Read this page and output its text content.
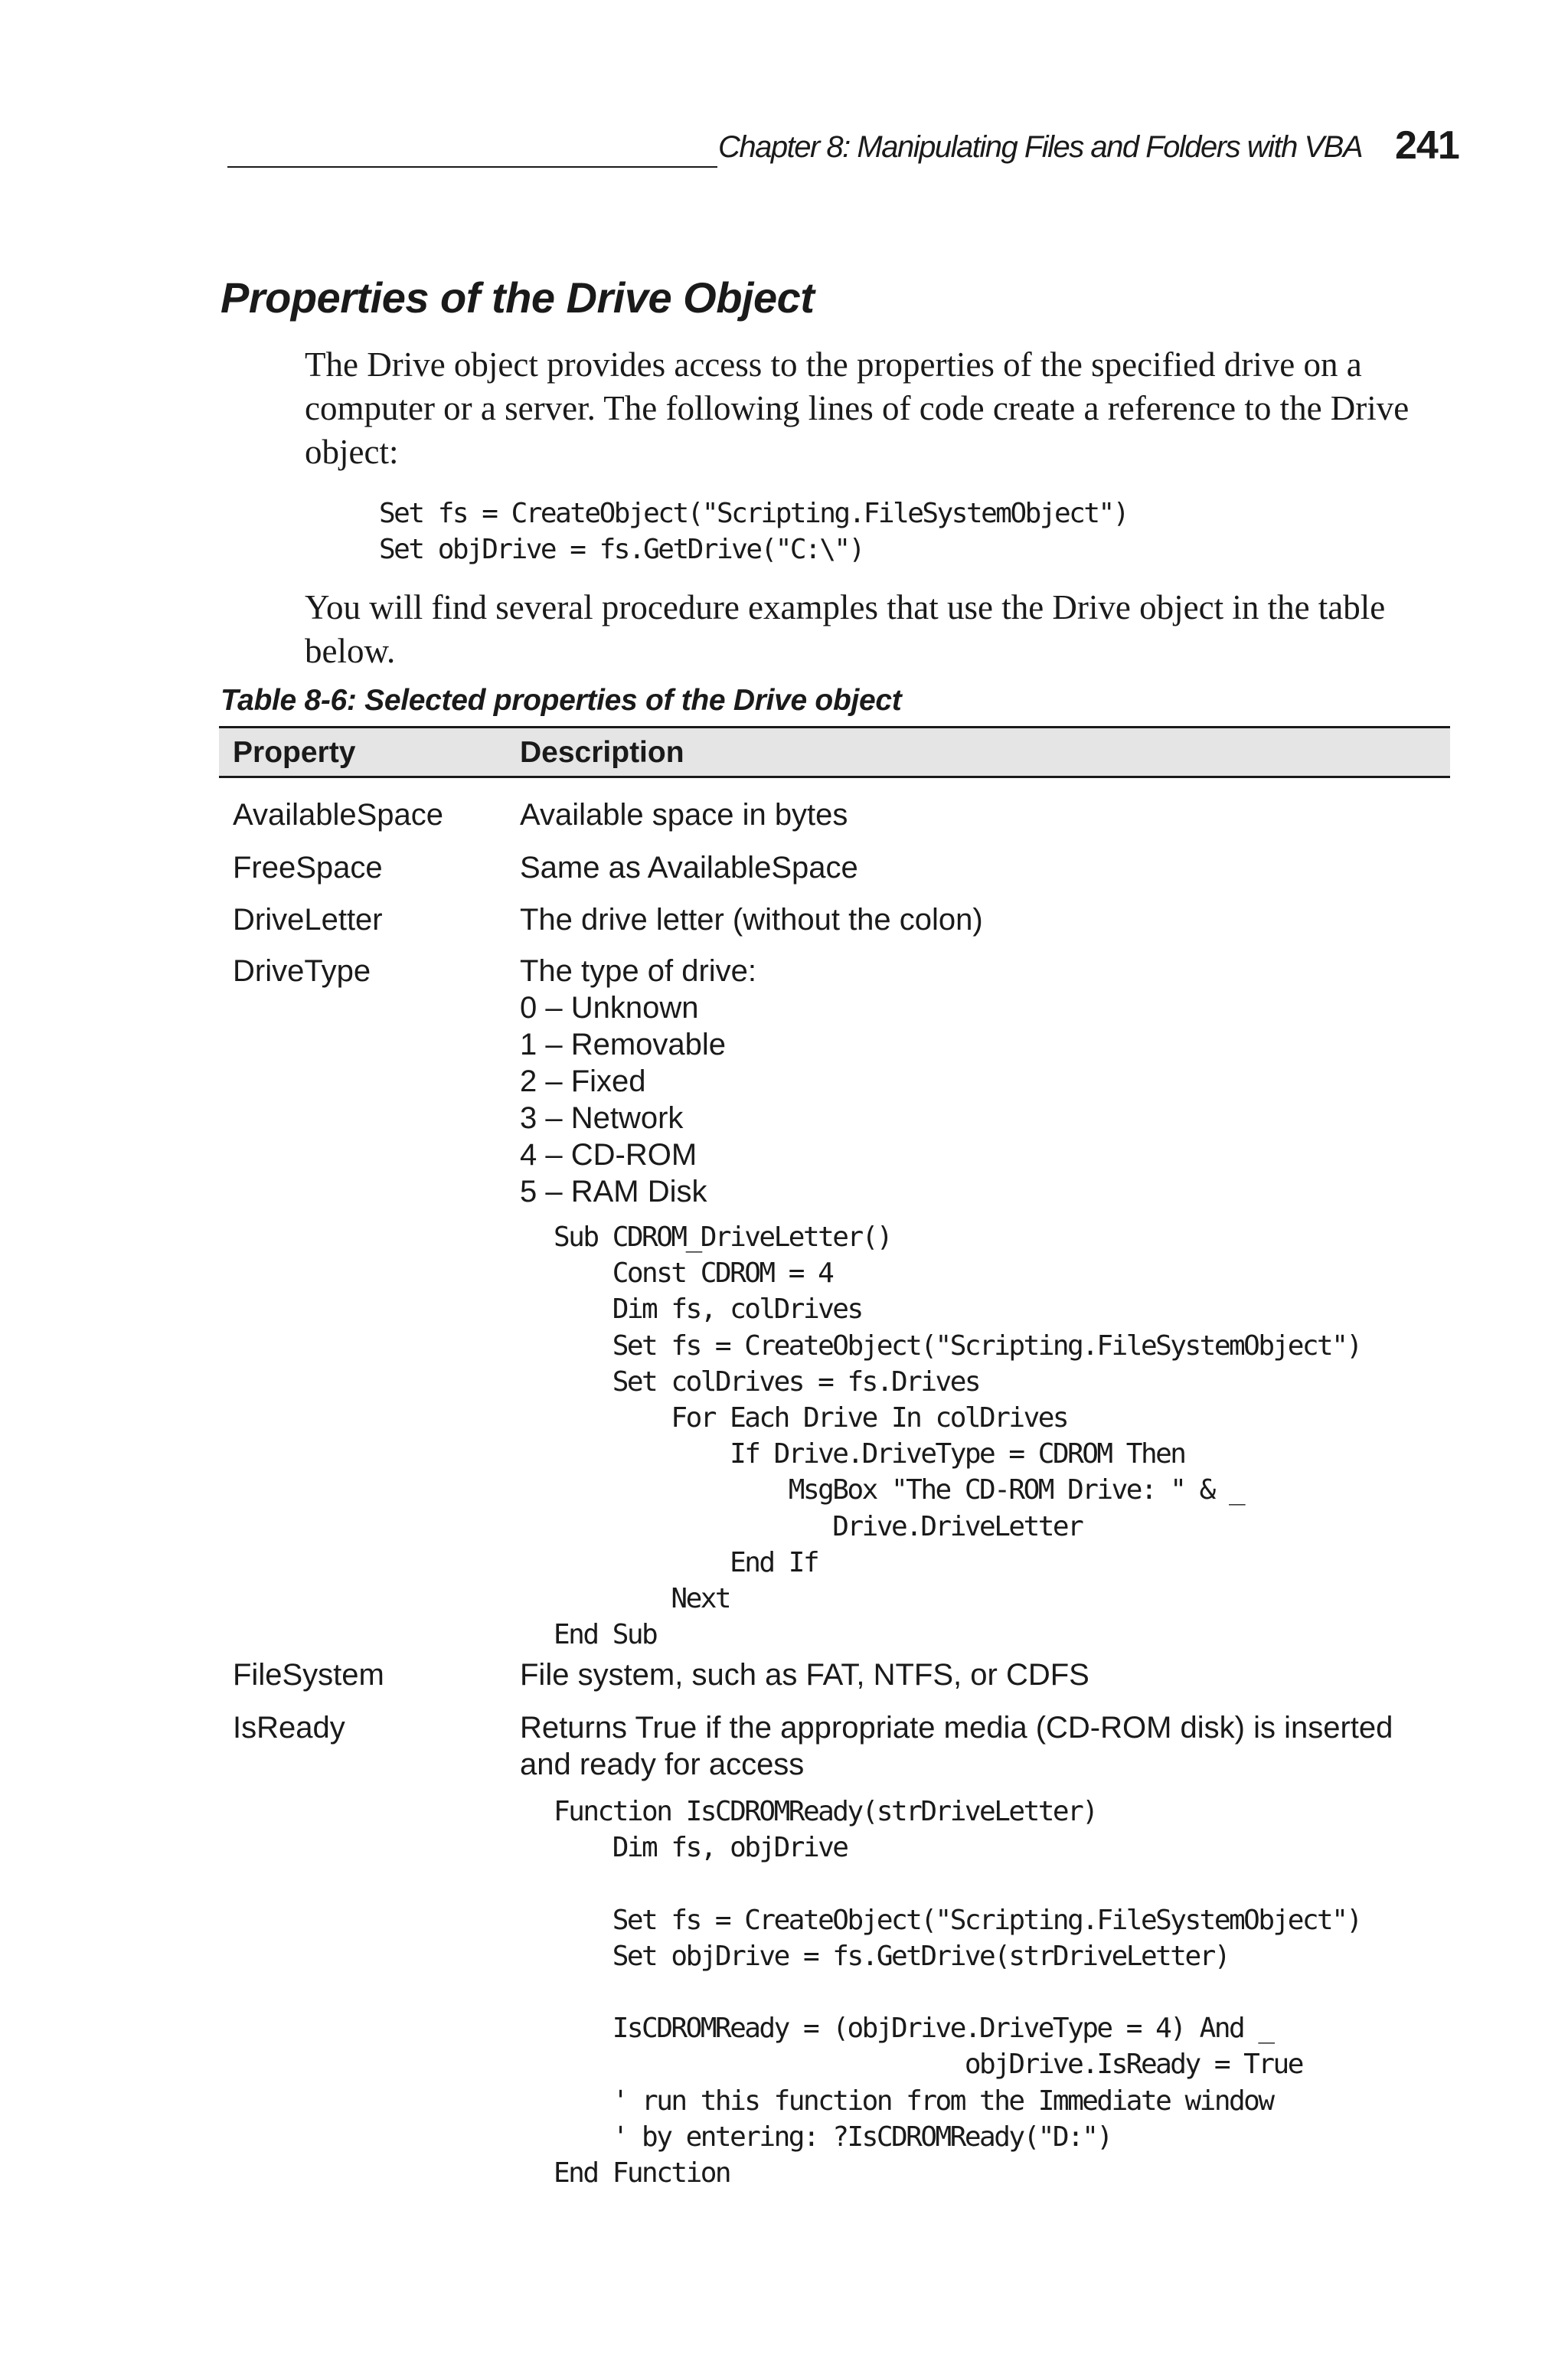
Chapter 8: Manipulating Files and Folders with VBA 241
Properties of the Drive Object

The Drive object provides access to the properties of the specified drive on a computer or a server. The following lines of code create a reference to the Drive object:

Set fs = CreateObject("Scripting.FileSystemObject")
Set objDrive = fs.GetDrive("C:\")

You will find several procedure examples that use the Drive object in the table below.

Table 8-6: Selected properties of the Drive object
Property	Description
AvailableSpace Available space in bytes
FreeSpace	Same as AvailableSpace
DriveLetter	The drive letter (without the colon)
DriveType	The type of drive:
0 – Unknown
1 – Removable
2 – Fixed
3 – Network
4 – CD-ROM
5 – RAM Disk
Sub CDROM_DriveLetter()
Const CDROM = 4
Dim fs, colDrives
Set fs = CreateObject("Scripting.FileSystemObject")
Set colDrives = fs.Drives
For Each Drive In colDrives
If Drive.DriveType = CDROM Then
MsgBox "The CD-ROM Drive: " & _
Drive.DriveLetter
End If
Next
End Sub
FileSystem	File system, such as FAT, NTFS, or CDFS
IsReady	Returns True if the appropriate media (CD-ROM disk) is inserted and ready for access
Function IsCDROMReady(strDriveLetter)
Dim fs, objDrive

Set fs = CreateObject("Scripting.FileSystemObject")
Set objDrive = fs.GetDrive(strDriveLetter)

IsCDROMReady = (objDrive.DriveType = 4) And _
objDrive.IsReady = True
' run this function from the Immediate window
' by entering: ?IsCDROMReady("D:")
End Function
